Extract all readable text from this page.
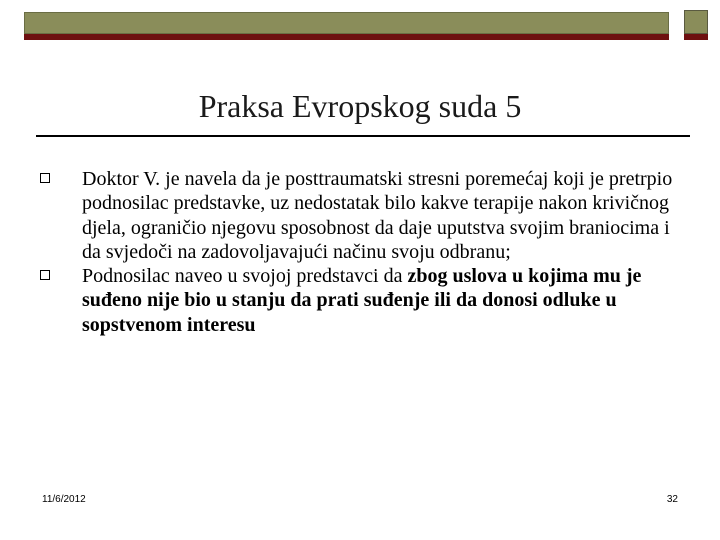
Praksa Evropskog suda 5
Doktor V. je navela da je posttraumatski stresni poremećaj koji je pretrpio podnosilac predstavke, uz nedostatak bilo kakve terapije nakon krivičnog djela, ograničio njegovu sposobnost da daje uputstva svojim braniocima i da svjedoči na zadovoljavajući načinu svoju odbranu;
Podnosilac naveo u svojoj predstavci da zbog uslova u kojima mu je suđeno nije bio u stanju da prati suđenje ili da donosi odluke u sopstvenom interesu
11/6/2012	32
